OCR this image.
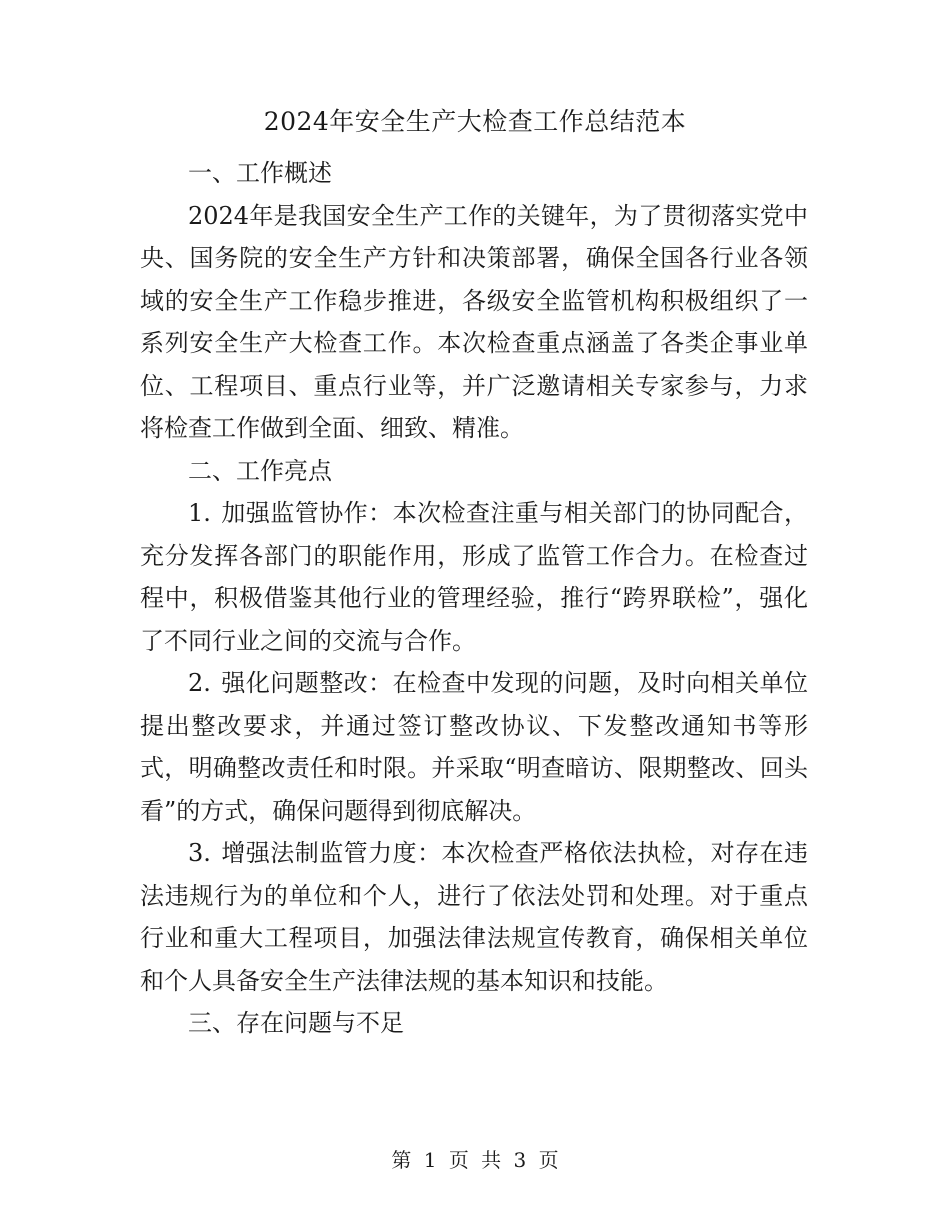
2024年安全生产大检查工作总结范本

一、工作概述

2024年是我国安全生产工作的关键年，为了贯彻落实党中央、国务院的安全生产方针和决策部署，确保全国各行业各领域的安全生产工作稳步推进，各级安全监管机构积极组织了一系列安全生产大检查工作。本次检查重点涵盖了各类企事业单位、工程项目、重点行业等，并广泛邀请相关专家参与，力求将检查工作做到全面、细致、精准。

二、工作亮点

1. 加强监管协作：本次检查注重与相关部门的协同配合，充分发挥各部门的职能作用，形成了监管工作合力。在检查过程中，积极借鉴其他行业的管理经验，推行“跨界联检”，强化了不同行业之间的交流与合作。

2. 强化问题整改：在检查中发现的问题，及时向相关单位提出整改要求，并通过签订整改协议、下发整改通知书等形式，明确整改责任和时限。并采取“明查暗访、限期整改、回头看”的方式，确保问题得到彻底解决。

3. 增强法制监管力度：本次检查严格依法执检，对存在违法违规行为的单位和个人，进行了依法处罚和处理。对于重点行业和重大工程项目，加强法律法规宣传教育，确保相关单位和个人具备安全生产法律法规的基本知识和技能。

三、存在问题与不足

第 1 页 共 3 页
